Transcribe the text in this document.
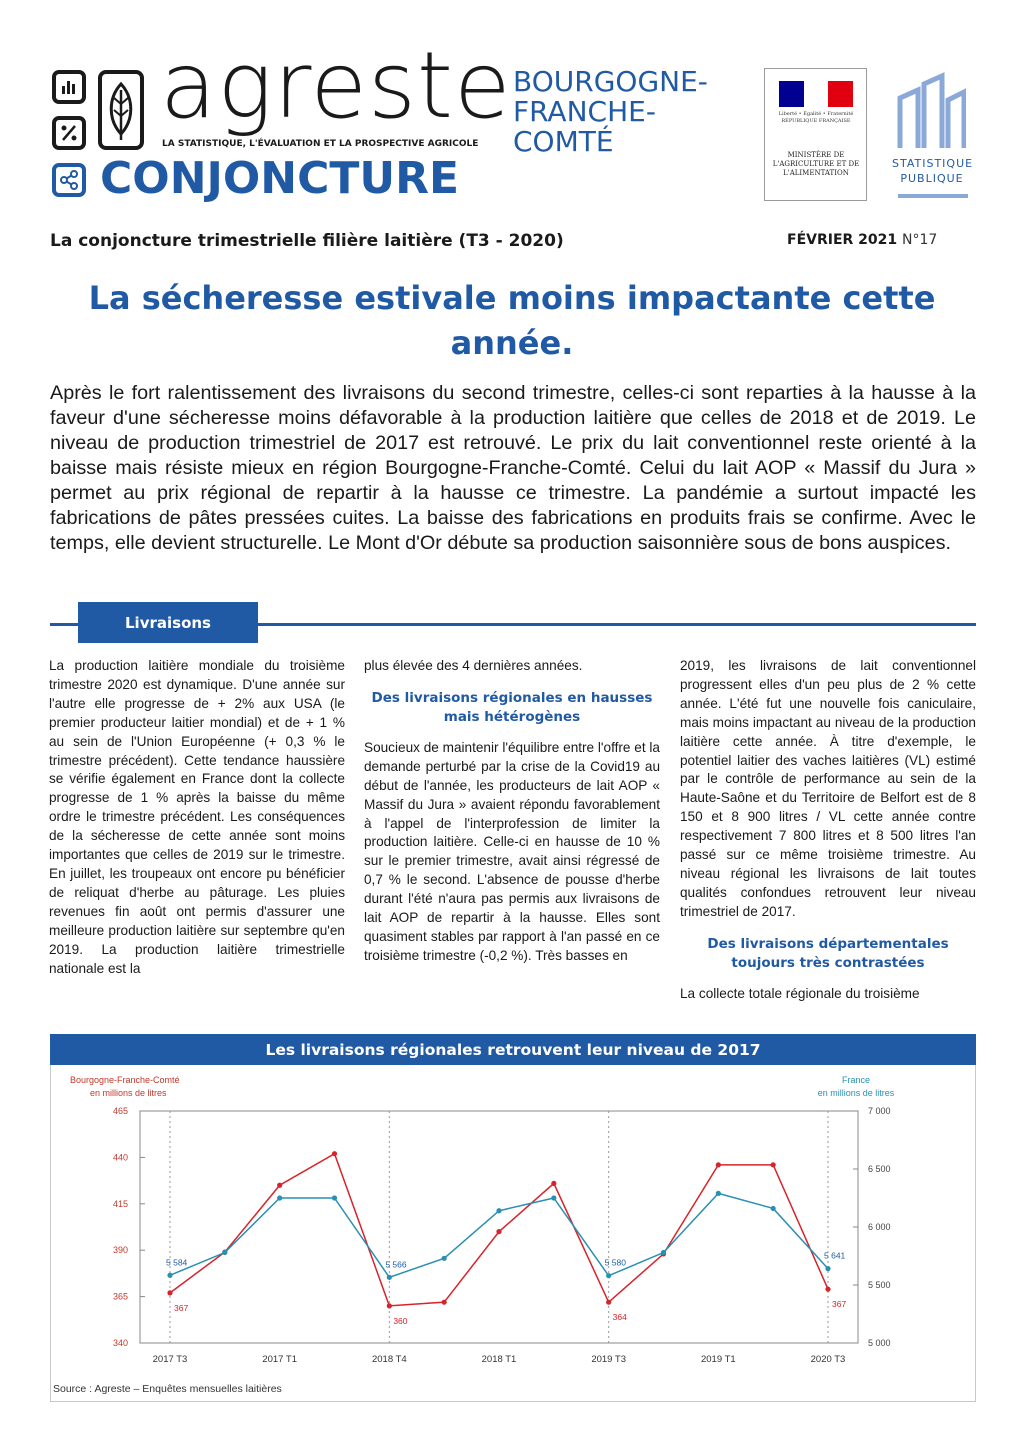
agreste
LA STATISTIQUE, L'ÉVALUATION ET LA PROSPECTIVE AGRICOLE
CONJONCTURE
BOURGOGNE-
FRANCHE-
COMTÉ
Liberté • Égalité • Fraternité RÉPUBLIQUE FRANÇAISE
MINISTÈRE DE L'AGRICULTURE ET DE L'ALIMENTATION
STATISTIQUE PUBLIQUE
La conjoncture trimestrielle filière laitière (T3 - 2020)	FÉVRIER 2021 N°17
La sécheresse estivale moins impactante cette année.

Après le fort ralentissement des livraisons du second trimestre, celles-ci sont reparties à la hausse à la faveur d'une sécheresse moins défavorable à la production laitière que celles de 2018 et de 2019. Le niveau de production trimestriel de 2017 est retrouvé. Le prix du lait conventionnel reste orienté à la baisse mais résiste mieux en région Bourgogne-Franche-Comté. Celui du lait AOP « Massif du Jura » permet au prix régional de repartir à la hausse ce trimestre. La pandémie a surtout impacté les fabrications de pâtes pressées cuites. La baisse des fabrications en produits frais se confirme. Avec le temps, elle devient structurelle. Le Mont d'Or débute sa production saisonnière sous de bons auspices.

Livraisons

La production laitière mondiale du troisième trimestre 2020 est dynamique. D'une année sur l'autre elle progresse de + 2% aux USA (le premier producteur laitier mondial) et de + 1 % au sein de l'Union Européenne (+ 0,3 % le trimestre précédent). Cette tendance haussière se vérifie également en France dont la collecte progresse de 1 % après la baisse du même ordre le trimestre précédent. Les conséquences de la sécheresse de cette année sont moins importantes que celles de 2019 sur le trimestre. En juillet, les troupeaux ont encore pu bénéficier de reliquat d'herbe au pâturage. Les pluies revenues fin août ont permis d'assurer une meilleure production laitière sur septembre qu'en 2019. La production laitière trimestrielle nationale est la

plus élevée des 4 dernières années.

Des livraisons régionales en hausses mais hétérogènes

Soucieux de maintenir l'équilibre entre l'offre et la demande perturbé par la crise de la Covid19 au début de l'année, les producteurs de lait AOP « Massif du Jura » avaient répondu favorablement à l'appel de l'interprofession de limiter la production laitière. Celle-ci en hausse de 10 % sur le premier trimestre, avait ainsi régressé de 0,7 % le second. L'absence de pousse d'herbe durant l'été n'aura pas permis aux livraisons de lait AOP de repartir à la hausse. Elles sont quasiment stables par rapport à l'an passé en ce troisième trimestre (-0,2 %). Très basses en

2019, les livraisons de lait conventionnel progressent elles d'un peu plus de 2 % cette année. L'été fut une nouvelle fois caniculaire, mais moins impactant au niveau de la production laitière cette année. À titre d'exemple, le potentiel laitier des vaches laitières (VL) estimé par le contrôle de performance au sein de la Haute-Saône et du Territoire de Belfort est de 8 150 et 8 900 litres / VL cette année contre respectivement 7 800 litres et 8 500 litres l'an passé sur ce même troisième trimestre. Au niveau régional les livraisons de lait toutes qualités confondues retrouvent leur niveau trimestriel de 2017.

Des livraisons départementales toujours très contrastées

La collecte totale régionale du troisième

Les livraisons régionales retrouvent leur niveau de 2017
465
440
415
390
365
340
7 000
6 500
6 000
5 500
5 000
Bourgogne-Franche-Comté
en millions de litres
France
en millions de litres
2017 T3	2017 T1	2018 T4	2018 T1	2019 T3	2019 T1	2020 T3
367
360	364
367
5 584	5 566	5 580
5 641
Source : Agreste – Enquêtes mensuelles laitières
